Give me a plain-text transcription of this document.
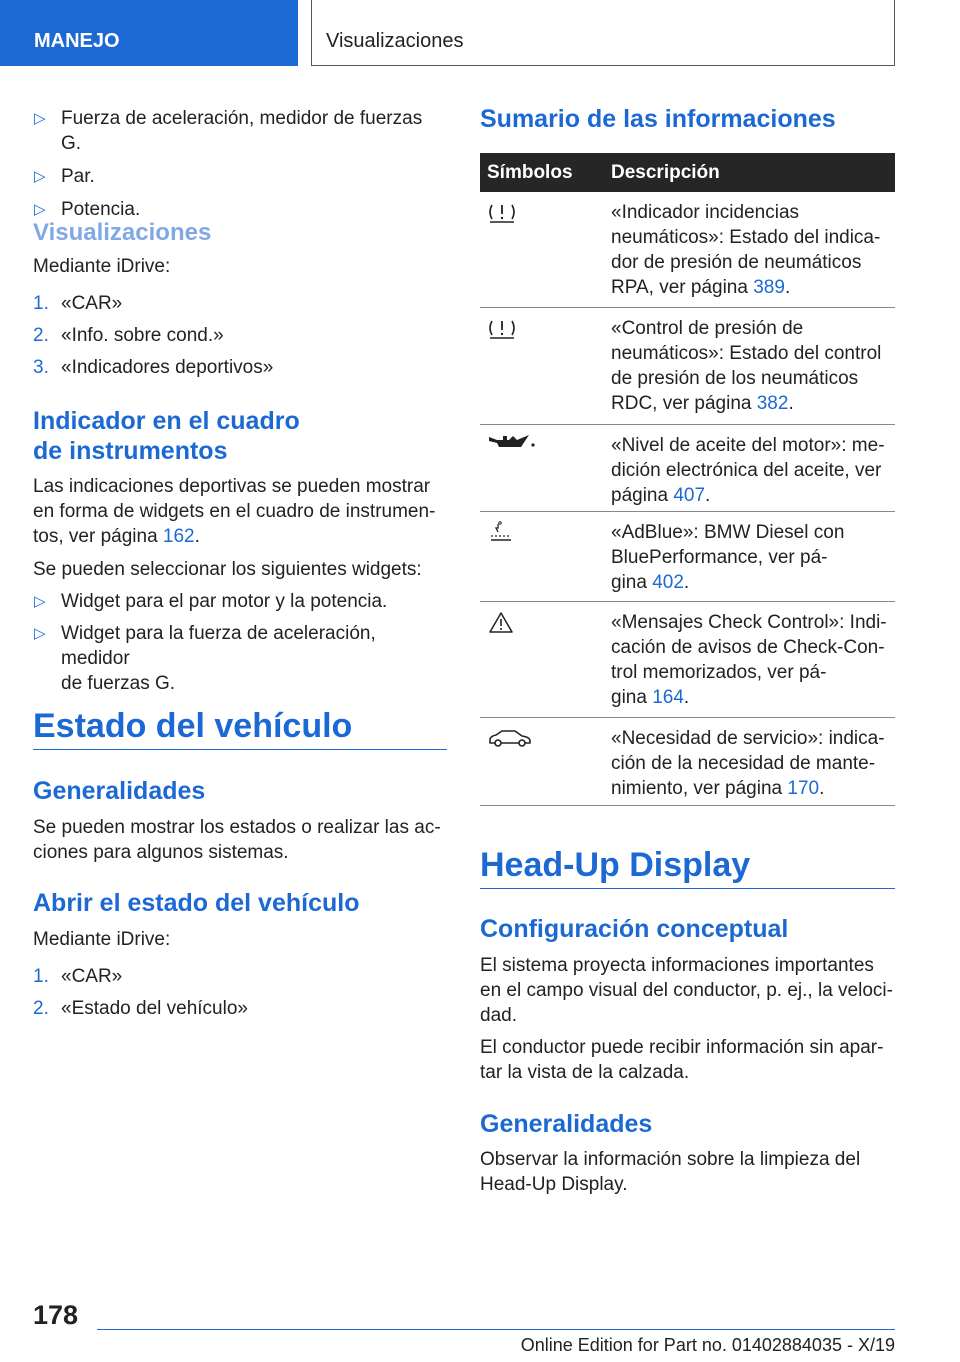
MANEJO	Visualizaciones
▷ Fuerza de aceleración, medidor de fuerzas G.
▷ Par.
▷ Potencia.
Visualizaciones
Mediante iDrive:
1. «CAR»
2. «Info. sobre cond.»
3. «Indicadores deportivos»
Indicador en el cuadro
de instrumentos
Las indicaciones deportivas se pueden mostrar
en forma de widgets en el cuadro de instrumen‐
tos, ver página 162.
Se pueden seleccionar los siguientes widgets:
▷ Widget para el par motor y la potencia.
▷ Widget para la fuerza de aceleración, medidor
de fuerzas G.
Estado del vehículo
Generalidades
Se pueden mostrar los estados o realizar las ac‐
ciones para algunos sistemas.
Abrir el estado del vehículo
Mediante iDrive:
1. «CAR»
2. «Estado del vehículo»
Sumario de las informaciones
Símbolos Descripción
«Indicador incidencias
neumáticos»: Estado del indica‐
dor de presión de neumáticos
RPA, ver página 389.
«Control de presión de
neumáticos»: Estado del control
de presión de los neumáticos
RDC, ver página 382.
«Nivel de aceite del motor»: me‐
dición electrónica del aceite, ver
página 407.
«AdBlue»: BMW Diesel con
BluePerformance, ver pá‐
gina 402.
«Mensajes Check Control»: Indi‐
cación de avisos de Check-Con‐
trol memorizados, ver pá‐
gina 164.
«Necesidad de servicio»: indica‐
ción de la necesidad de mante‐
nimiento, ver página 170.
Head-Up Display
Configuración conceptual
El sistema proyecta informaciones importantes
en el campo visual del conductor, p. ej., la veloci‐
dad.
El conductor puede recibir información sin apar‐
tar la vista de la calzada.
Generalidades
Observar la información sobre la limpieza del
Head-Up Display.
178
Online Edition for Part no. 01402884035 - X/19
